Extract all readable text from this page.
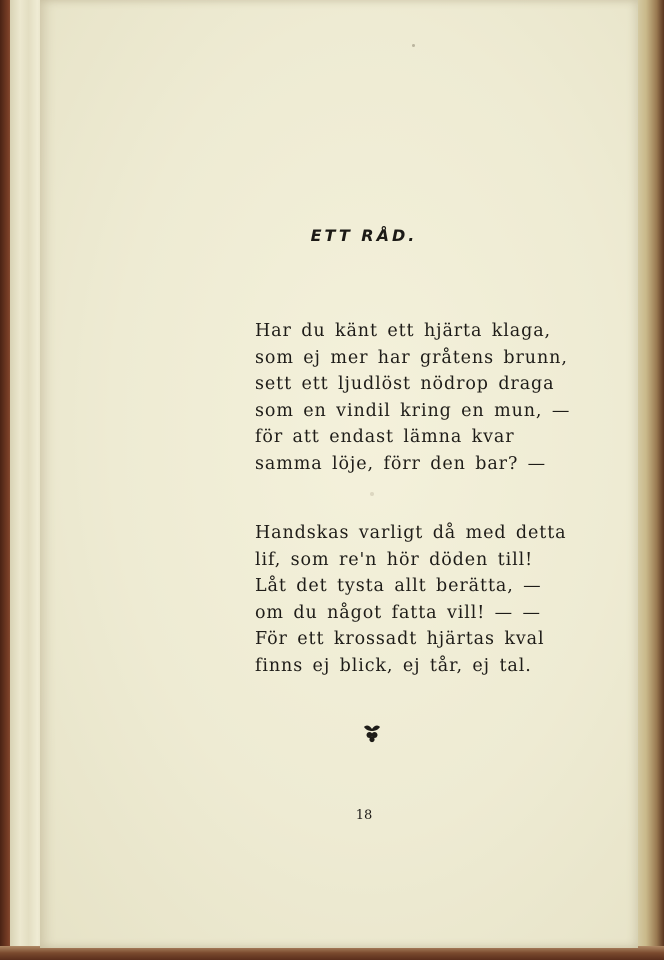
ETT RÅD.
Har du känt ett hjärta klaga,
som ej mer har gråtens brunn,
sett ett ljudlöst nödrop draga
som en vindil kring en mun, —
för att endast lämna kvar
samma löje, förr den bar? —
Handskas varligt då med detta
lif, som re'n hör döden till!
Låt det tysta allt berätta, —
om du något fatta vill! — —
För ett krossadt hjärtas kval
finns ej blick, ej tår, ej tal.
18
